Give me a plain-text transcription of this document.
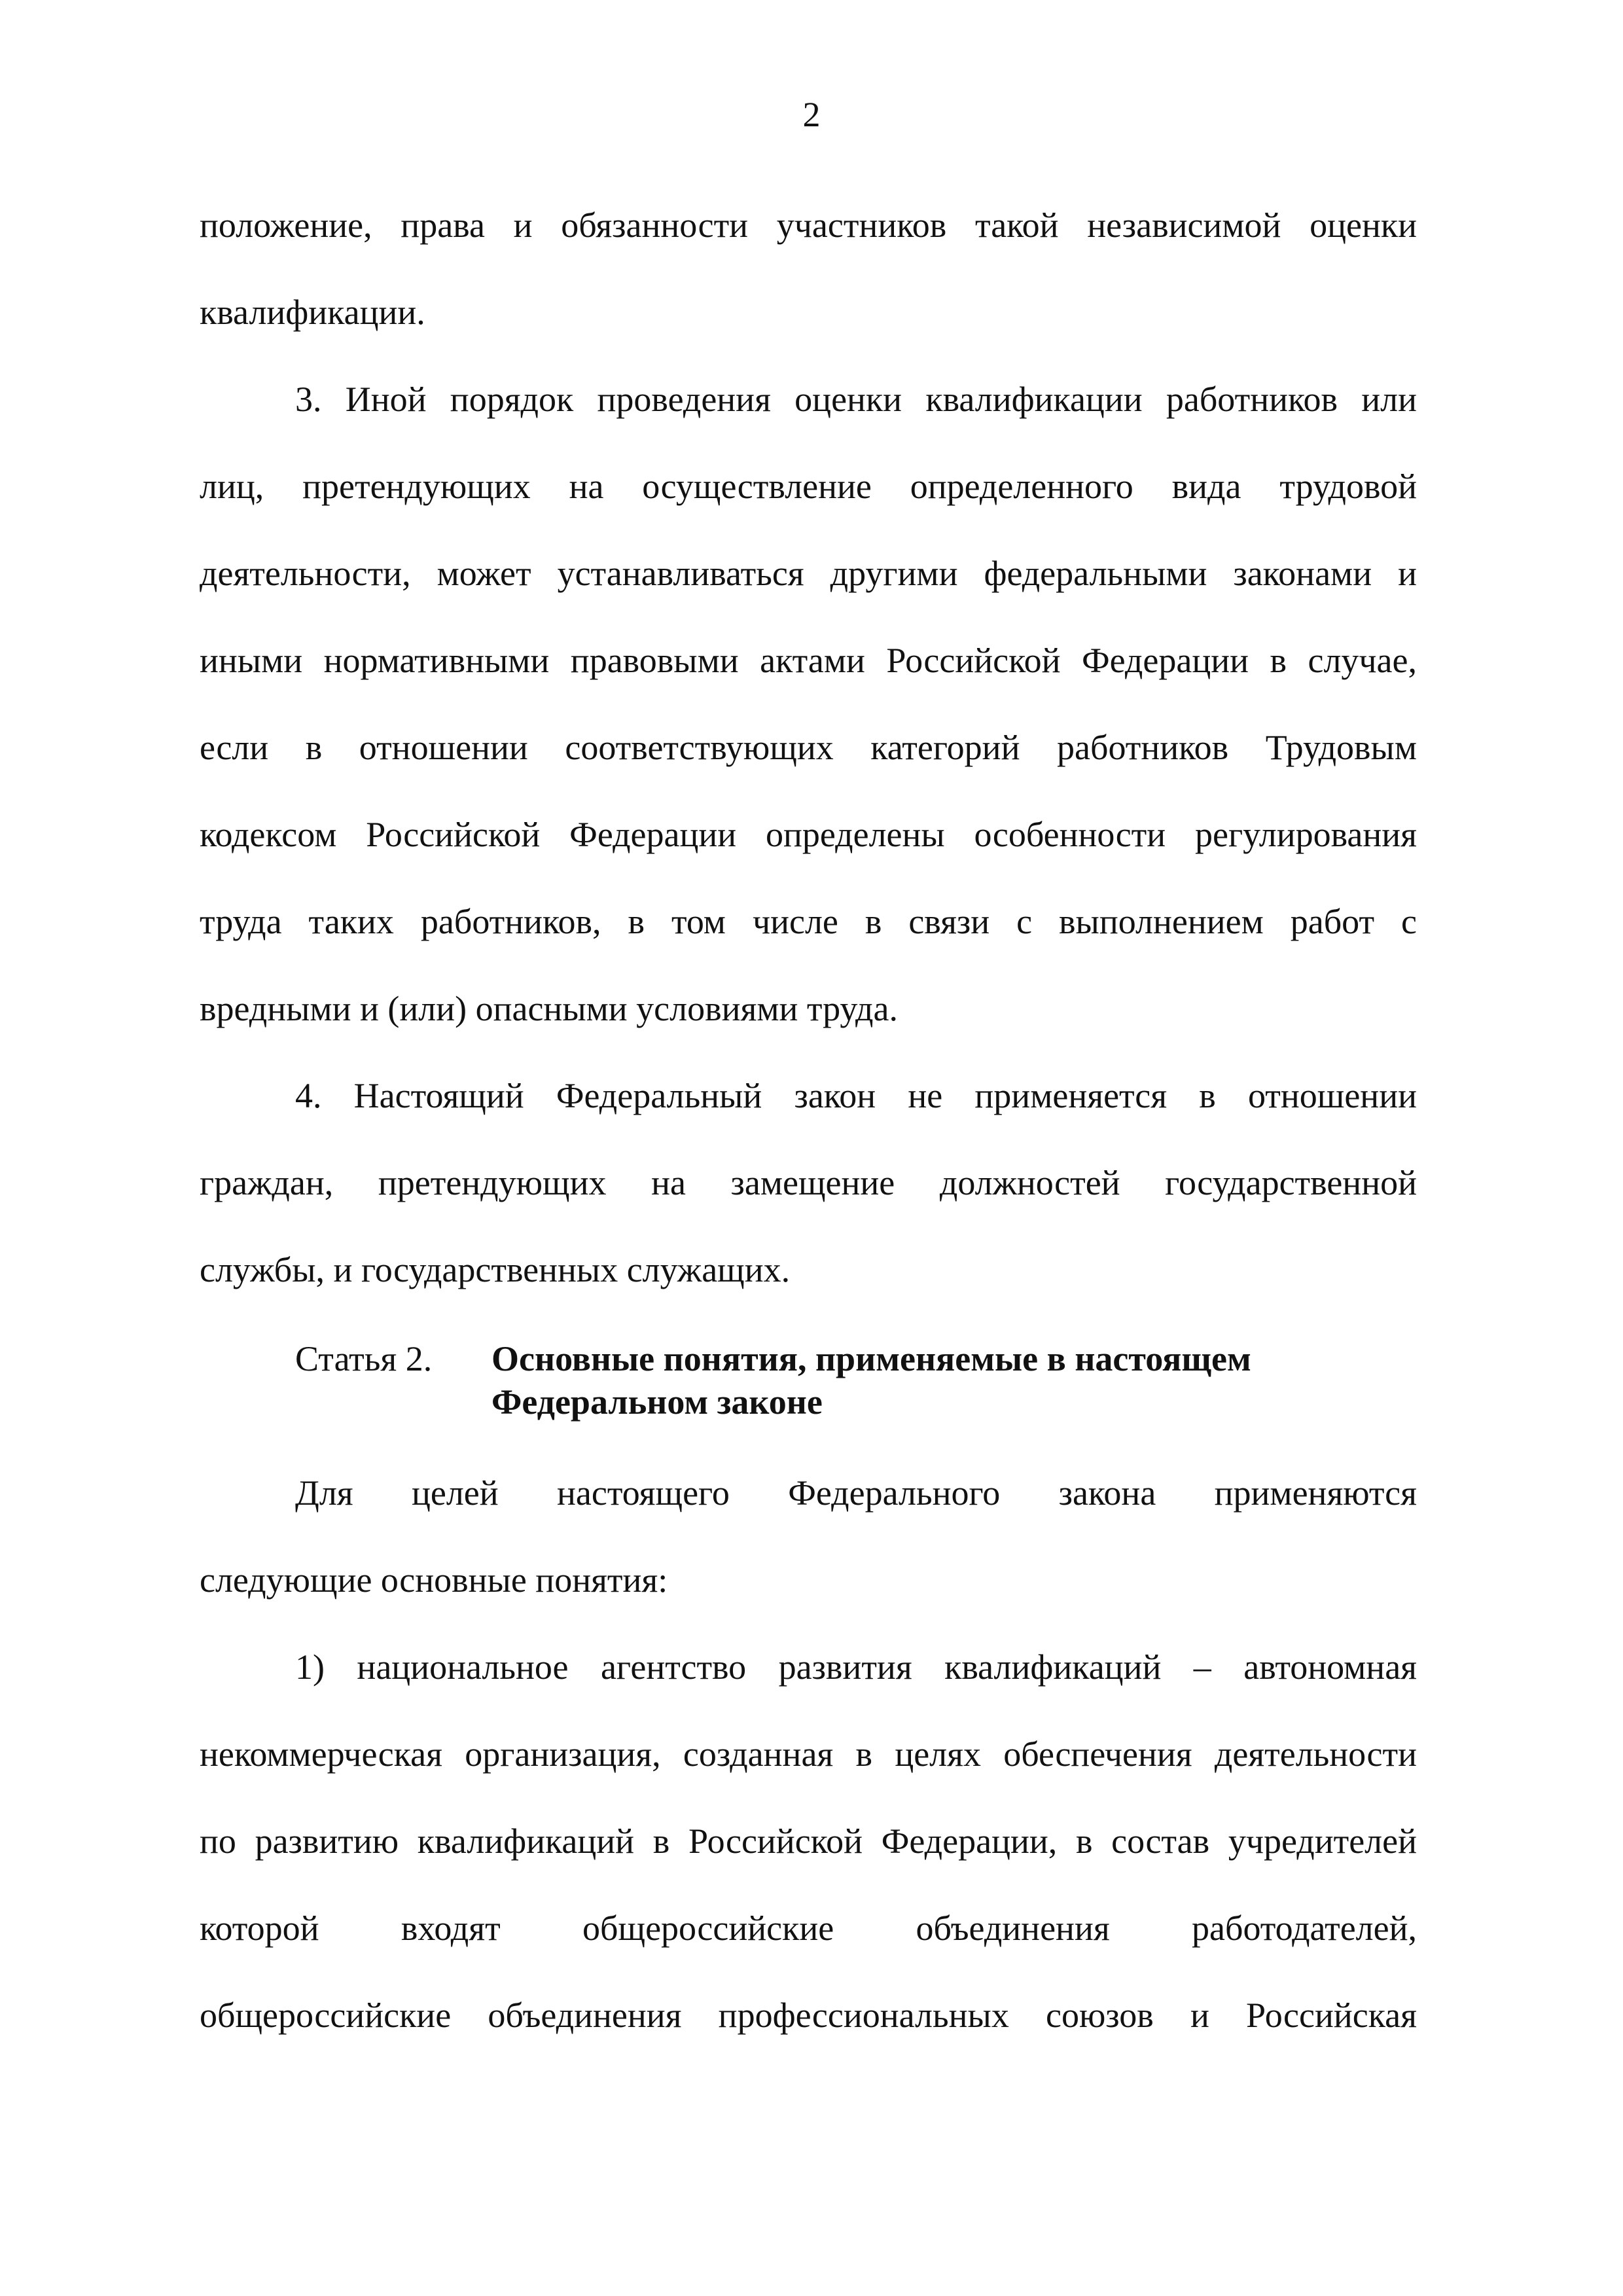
2

положение, права и обязанности участников такой независимой оценки

квалификации.

3. Иной порядок проведения оценки квалификации работников или

лиц, претендующих на осуществление определенного вида трудовой

деятельности, может устанавливаться другими федеральными законами и

иными нормативными правовыми актами Российской Федерации в случае,

если в отношении соответствующих категорий работников Трудовым

кодексом Российской Федерации определены особенности регулирования

труда таких работников, в том числе в связи с выполнением работ с

вредными и (или) опасными условиями труда.

4. Настоящий Федеральный закон не применяется в отношении

граждан, претендующих на замещение должностей государственной

службы, и государственных служащих.

Статья 2.	Основные понятия, применяемые в настоящем
Федеральном законе

Для целей настоящего Федерального закона применяются

следующие основные понятия:

1) национальное агентство развития квалификаций – автономная

некоммерческая организация, созданная в целях обеспечения деятельности

по развитию квалификаций в Российской Федерации, в состав учредителей

которой входят общероссийские объединения работодателей,

общероссийские объединения профессиональных союзов и Российская
